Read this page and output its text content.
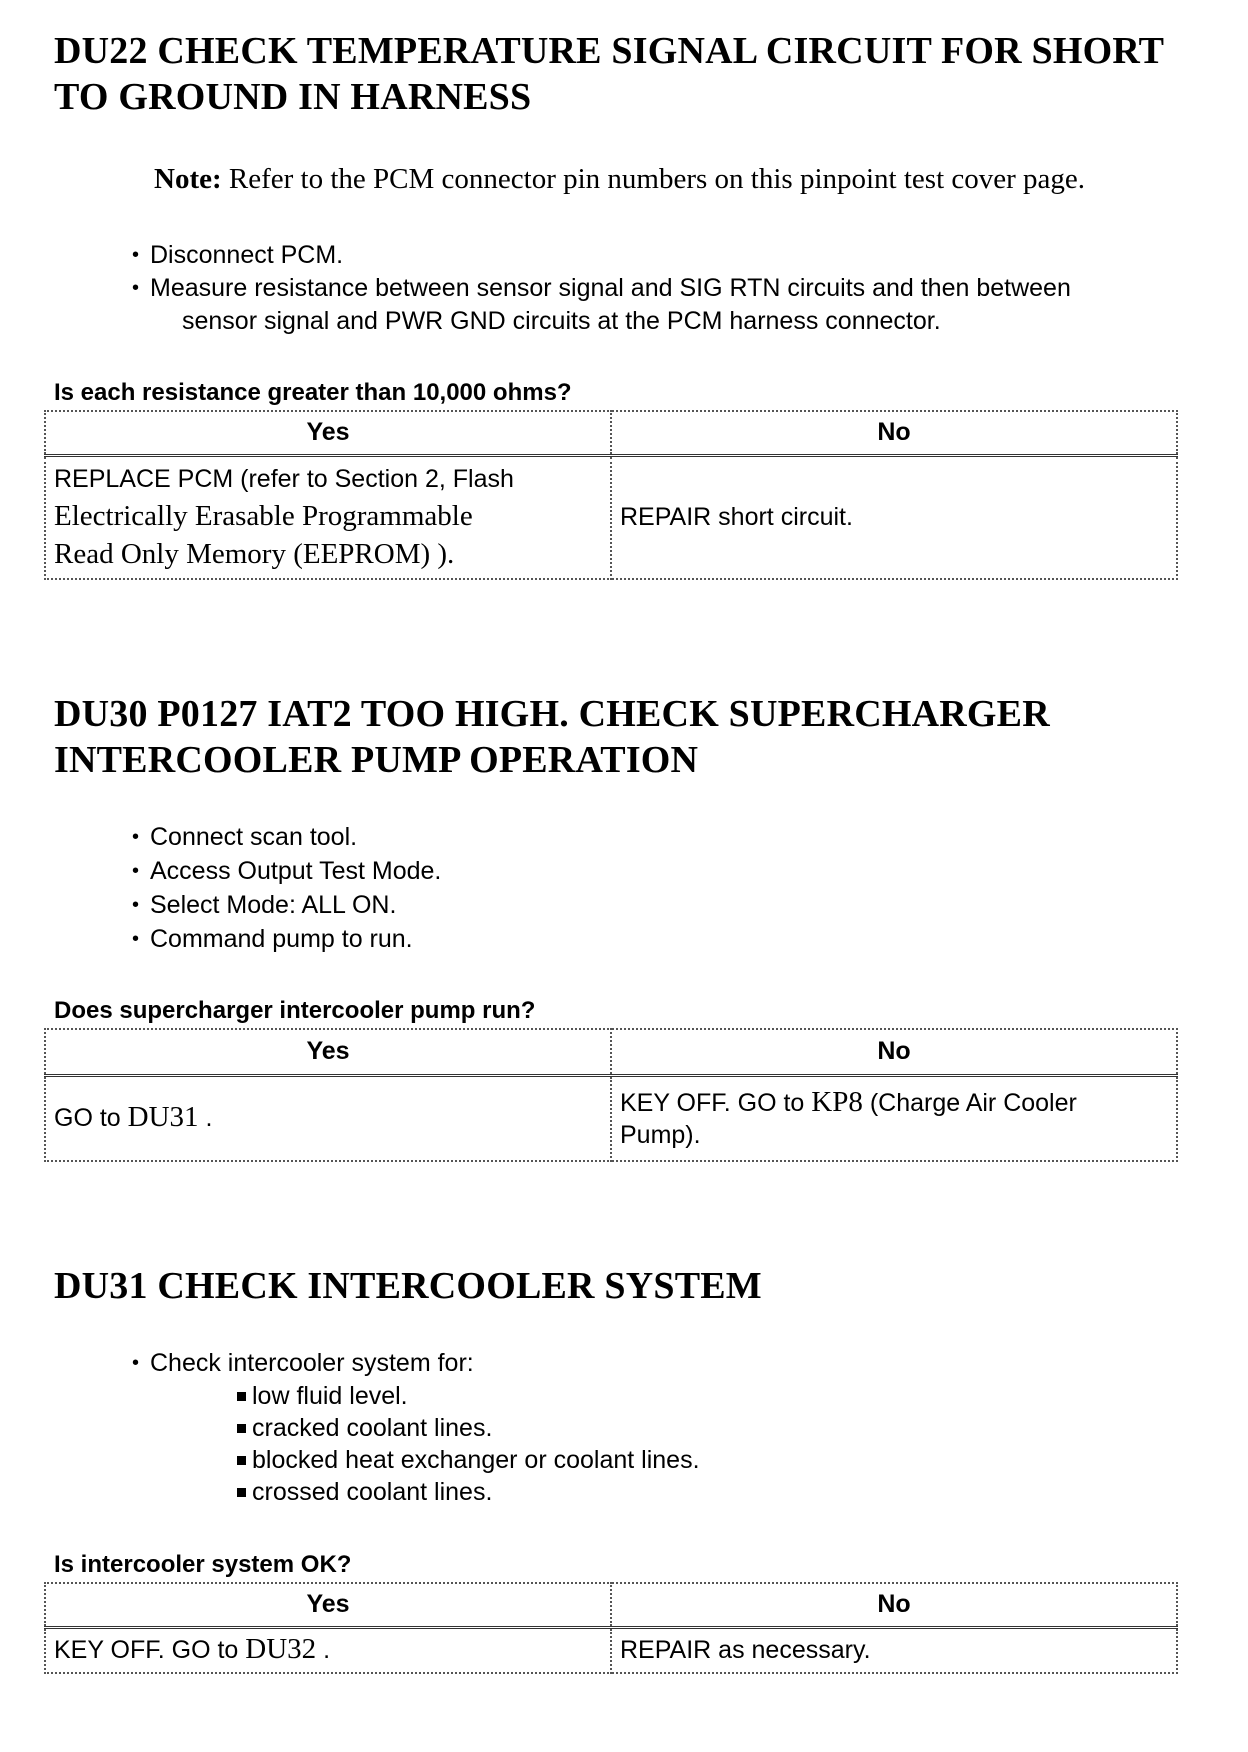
DU22 CHECK TEMPERATURE SIGNAL CIRCUIT FOR SHORT
TO GROUND IN HARNESS

Note: Refer to the PCM connector pin numbers on this pinpoint test cover page.

• Disconnect PCM.
• Measure resistance between sensor signal and SIG RTN circuits and then between
sensor signal and PWR GND circuits at the PCM harness connector.

Is each resistance greater than 10,000 ohms?

Yes	No
REPLACE PCM (refer to Section 2, Flash
Electrically Erasable Programmable
Read Only Memory (EEPROM) ).	REPAIR short circuit.
DU30 P0127 IAT2 TOO HIGH. CHECK SUPERCHARGER
INTERCOOLER PUMP OPERATION
• Connect scan tool.
• Access Output Test Mode.
• Select Mode: ALL ON.
• Command pump to run.

Does supercharger intercooler pump run?

Yes	No
GO to DU31 .	KEY OFF. GO to KP8 (Charge Air Cooler
Pump).
DU31 CHECK INTERCOOLER SYSTEM
• Check intercooler system for:
low fluid level.
cracked coolant lines.
blocked heat exchanger or coolant lines.
crossed coolant lines.

Is intercooler system OK?

Yes	No
KEY OFF. GO to DU32 .	REPAIR as necessary.
